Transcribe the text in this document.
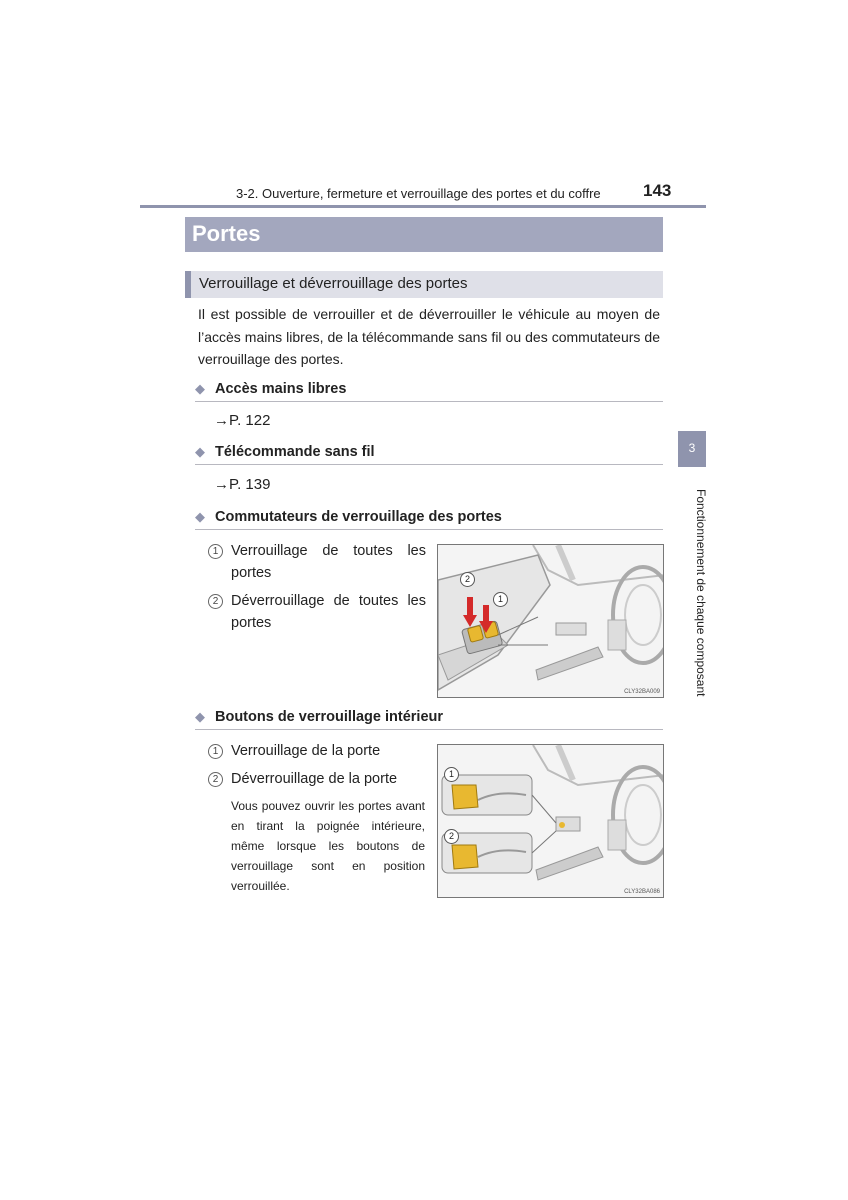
3-2. Ouverture, fermeture et verrouillage des portes et du coffre 143
Portes
Verrouillage et déverrouillage des portes

Il est possible de verrouiller et de déverrouiller le véhicule au moyen de l’accès mains libres, de la télécommande sans fil ou des commutateurs de verrouillage des portes.

◆ Accès mains libres
→P. 122
◆ Télécommande sans fil
→P. 139
◆ Commutateurs de verrouillage des portes
1 Verrouillage de toutes les portes
2 Déverrouillage de toutes les portes
2
1
CLY32BA009
◆ Boutons de verrouillage intérieur
1 Verrouillage de la porte
2 Déverrouillage de la porte

Vous pouvez ouvrir les portes avant en tirant la poignée intérieure, même lorsque les boutons de verrouillage sont en position verrouillée.

1
2
CLY32BA086
3
Fonctionnement de chaque composant
